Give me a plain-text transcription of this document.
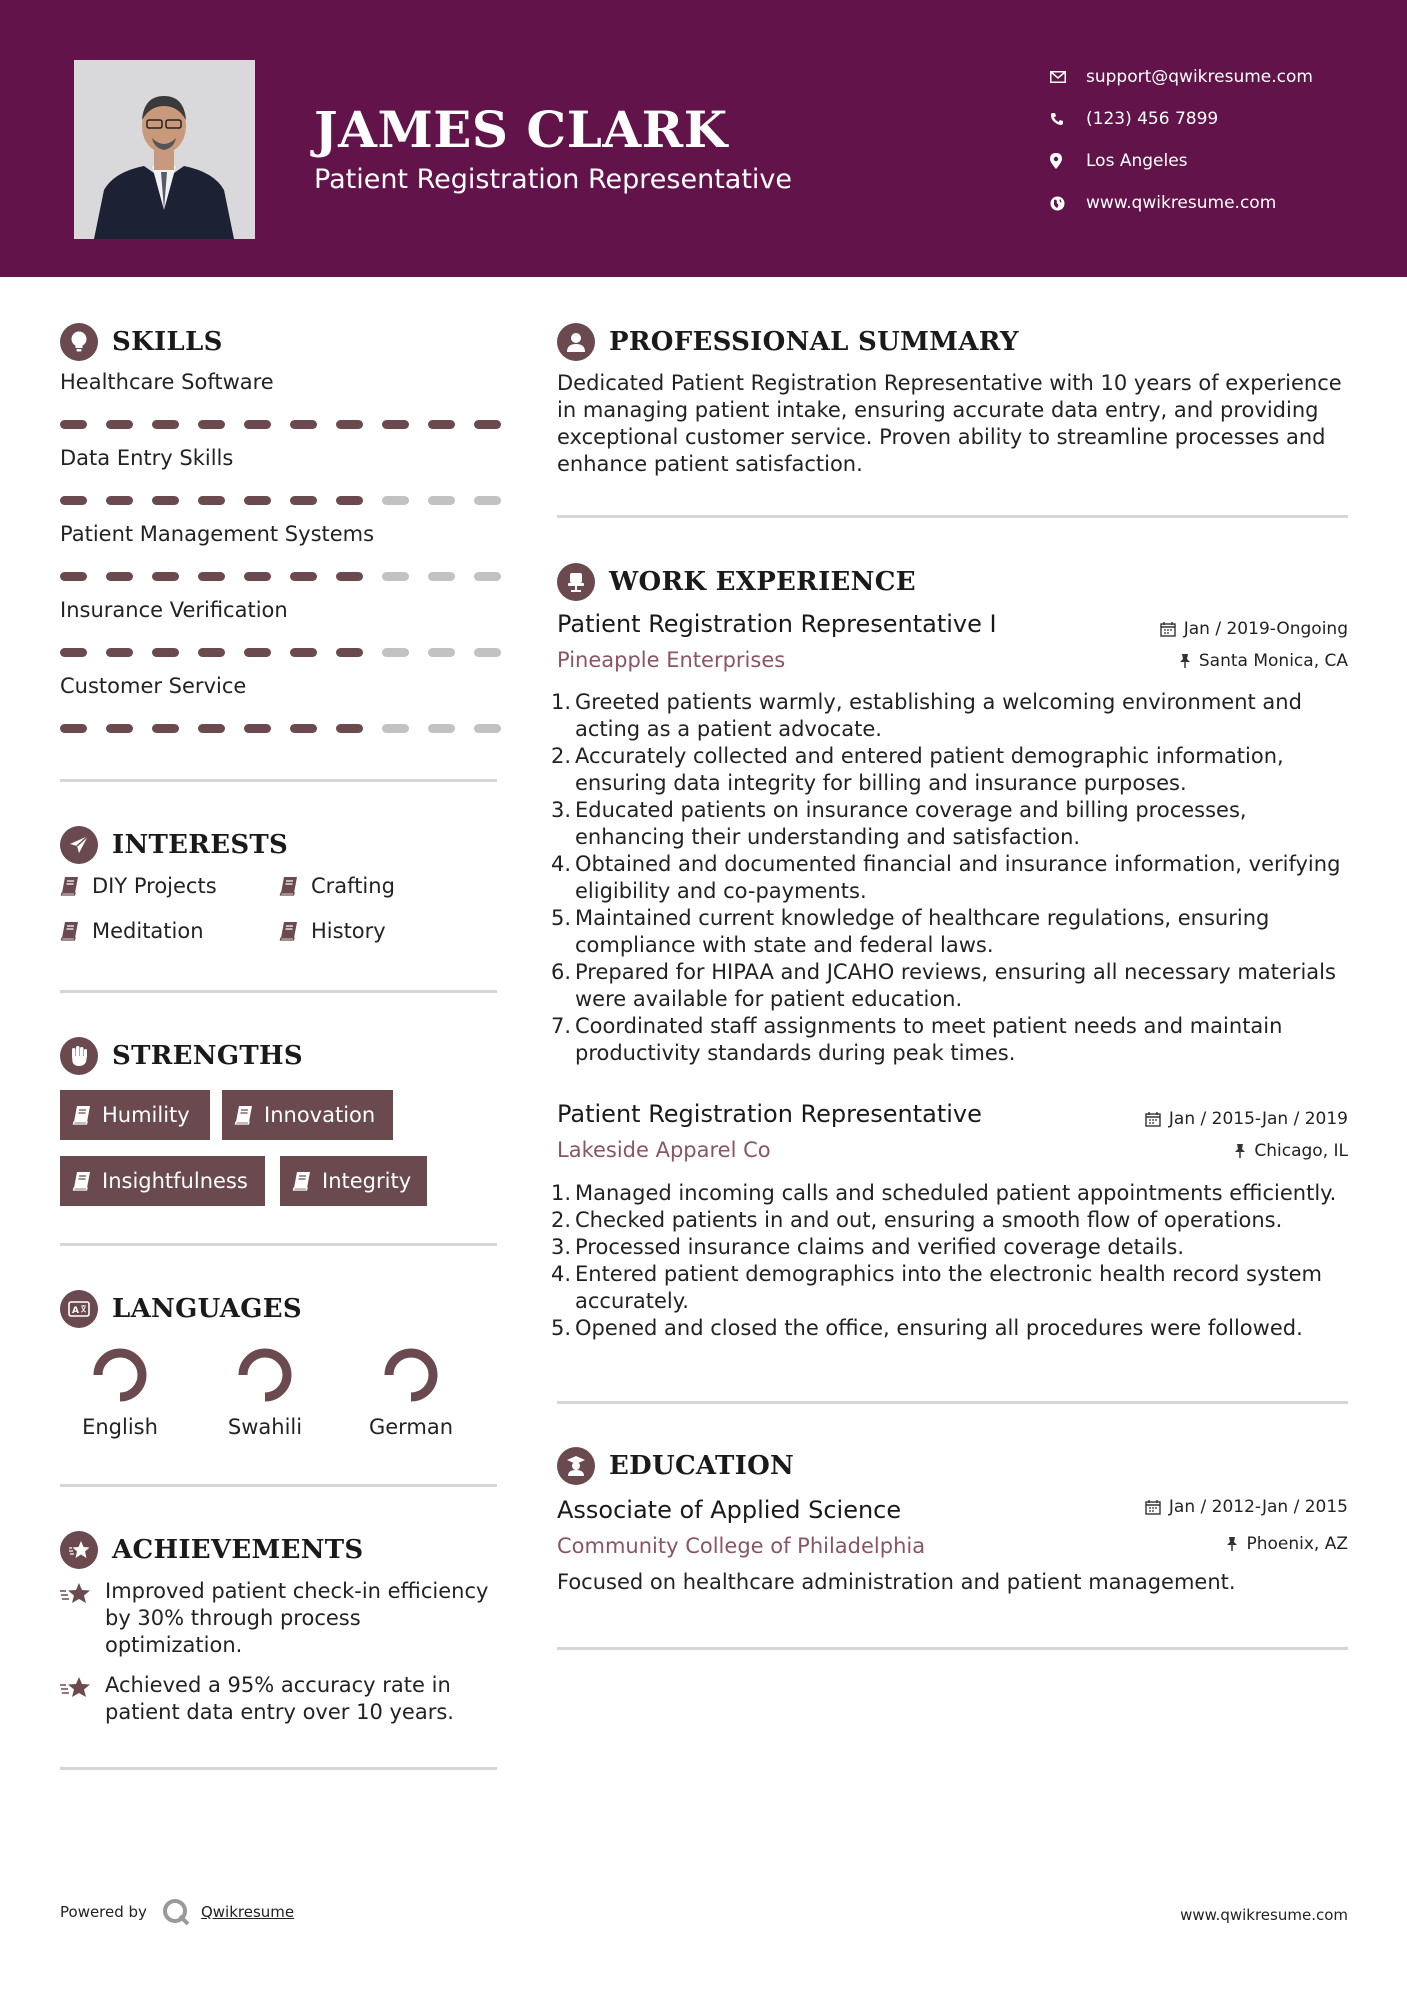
JAMES CLARK
Patient Registration Representative
support@qwikresume.com
(123) 456 7899
Los Angeles
www.qwikresume.com
SKILLS
Healthcare Software
Data Entry Skills
Patient Management Systems
Insurance Verification
Customer Service
INTERESTS
DIY Projects	Crafting
Meditation	History
STRENGTHS
Humility	Innovation
Insightfulness	Integrity
A LANGUAGES
English	Swahili	German
ACHIEVEMENTS
Improved patient check-in efficiency by 30% through process optimization.
Achieved a 95% accuracy rate in patient data entry over 10 years.
PROFESSIONAL SUMMARY
Dedicated Patient Registration Representative with 10 years of experience in managing patient intake, ensuring accurate data entry, and providing exceptional customer service. Proven ability to streamline processes and enhance patient satisfaction.
WORK EXPERIENCE
Patient Registration Representative I	Jan / 2019-Ongoing
Pineapple Enterprises	Santa Monica, CA
1. Greeted patients warmly, establishing a welcoming environment and acting as a patient advocate.
2. Accurately collected and entered patient demographic information, ensuring data integrity for billing and insurance purposes.
3. Educated patients on insurance coverage and billing processes, enhancing their understanding and satisfaction.
4. Obtained and documented financial and insurance information, verifying eligibility and co-payments.
5. Maintained current knowledge of healthcare regulations, ensuring compliance with state and federal laws.
6. Prepared for HIPAA and JCAHO reviews, ensuring all necessary materials were available for patient education.
7. Coordinated staff assignments to meet patient needs and maintain productivity standards during peak times.
Patient Registration Representative	Jan / 2015-Jan / 2019
Lakeside Apparel Co	Chicago, IL
1. Managed incoming calls and scheduled patient appointments efficiently.
2. Checked patients in and out, ensuring a smooth flow of operations.
3. Processed insurance claims and verified coverage details.
4. Entered patient demographics into the electronic health record system accurately.
5. Opened and closed the office, ensuring all procedures were followed.
EDUCATION
Associate of Applied Science	Jan / 2012-Jan / 2015
Community College of Philadelphia	Phoenix, AZ
Focused on healthcare administration and patient management.
Powered by	Qwikresume	www.qwikresume.com
